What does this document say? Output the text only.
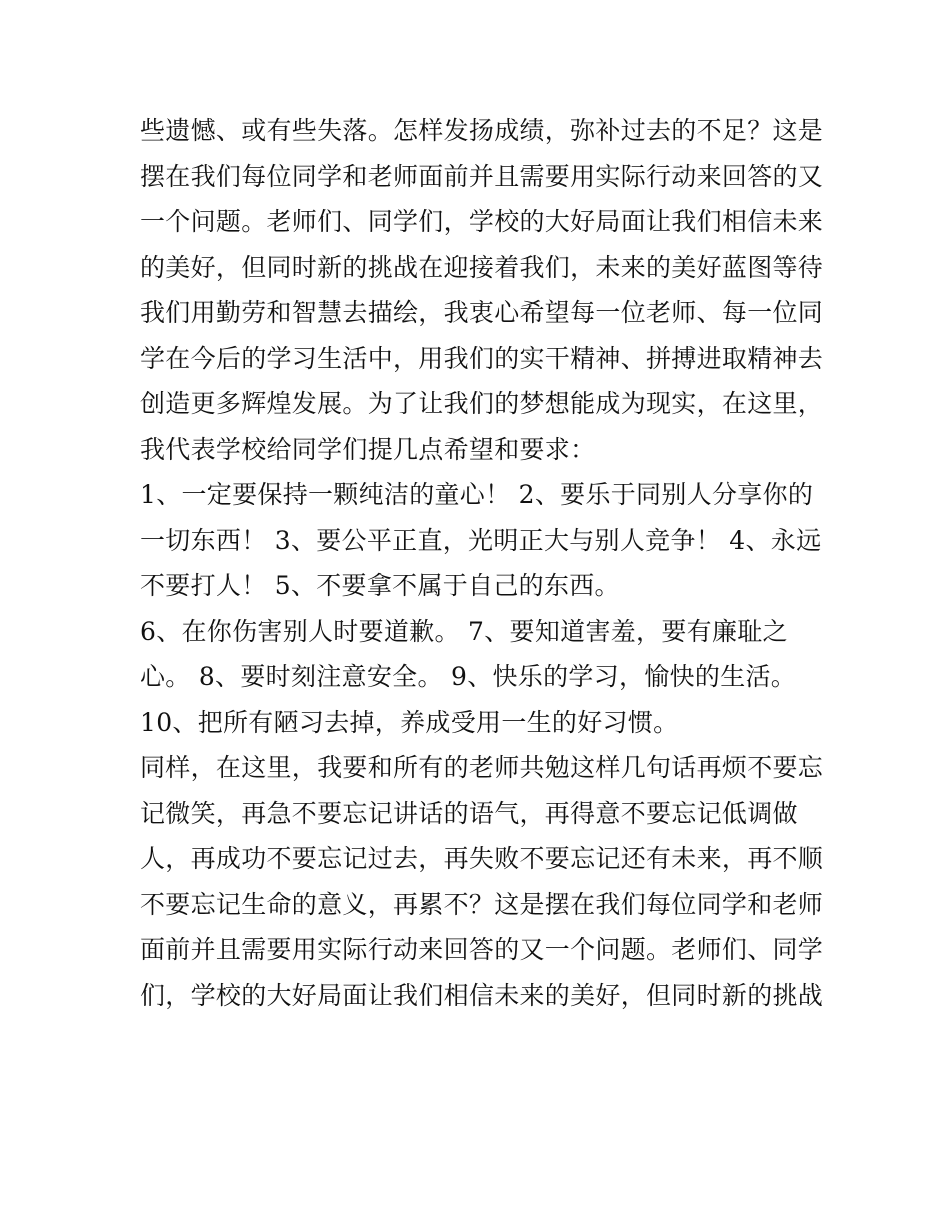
些遗憾、或有些失落。怎样发扬成绩，弥补过去的不足？这是
摆在我们每位同学和老师面前并且需要用实际行动来回答的又
一个问题。老师们、同学们，学校的大好局面让我们相信未来
的美好，但同时新的挑战在迎接着我们，未来的美好蓝图等待
我们用勤劳和智慧去描绘，我衷心希望每一位老师、每一位同
学在今后的学习生活中，用我们的实干精神、拼搏进取精神去
创造更多辉煌发展。为了让我们的梦想能成为现实，在这里，
我代表学校给同学们提几点希望和要求：
1、一定要保持一颗纯洁的童心！ 2、要乐于同别人分享你的
一切东西！ 3、要公平正直，光明正大与别人竞争！ 4、永远
不要打人！ 5、不要拿不属于自己的东西。
6、在你伤害别人时要道歉。 7、要知道害羞，要有廉耻之
心。 8、要时刻注意安全。 9、快乐的学习，愉快的生活。
10、把所有陋习去掉，养成受用一生的好习惯。
同样，在这里，我要和所有的老师共勉这样几句话再烦不要忘
记微笑，再急不要忘记讲话的语气，再得意不要忘记低调做
人，再成功不要忘记过去，再失败不要忘记还有未来，再不顺
不要忘记生命的意义，再累不？这是摆在我们每位同学和老师
面前并且需要用实际行动来回答的又一个问题。老师们、同学
们，学校的大好局面让我们相信未来的美好，但同时新的挑战
